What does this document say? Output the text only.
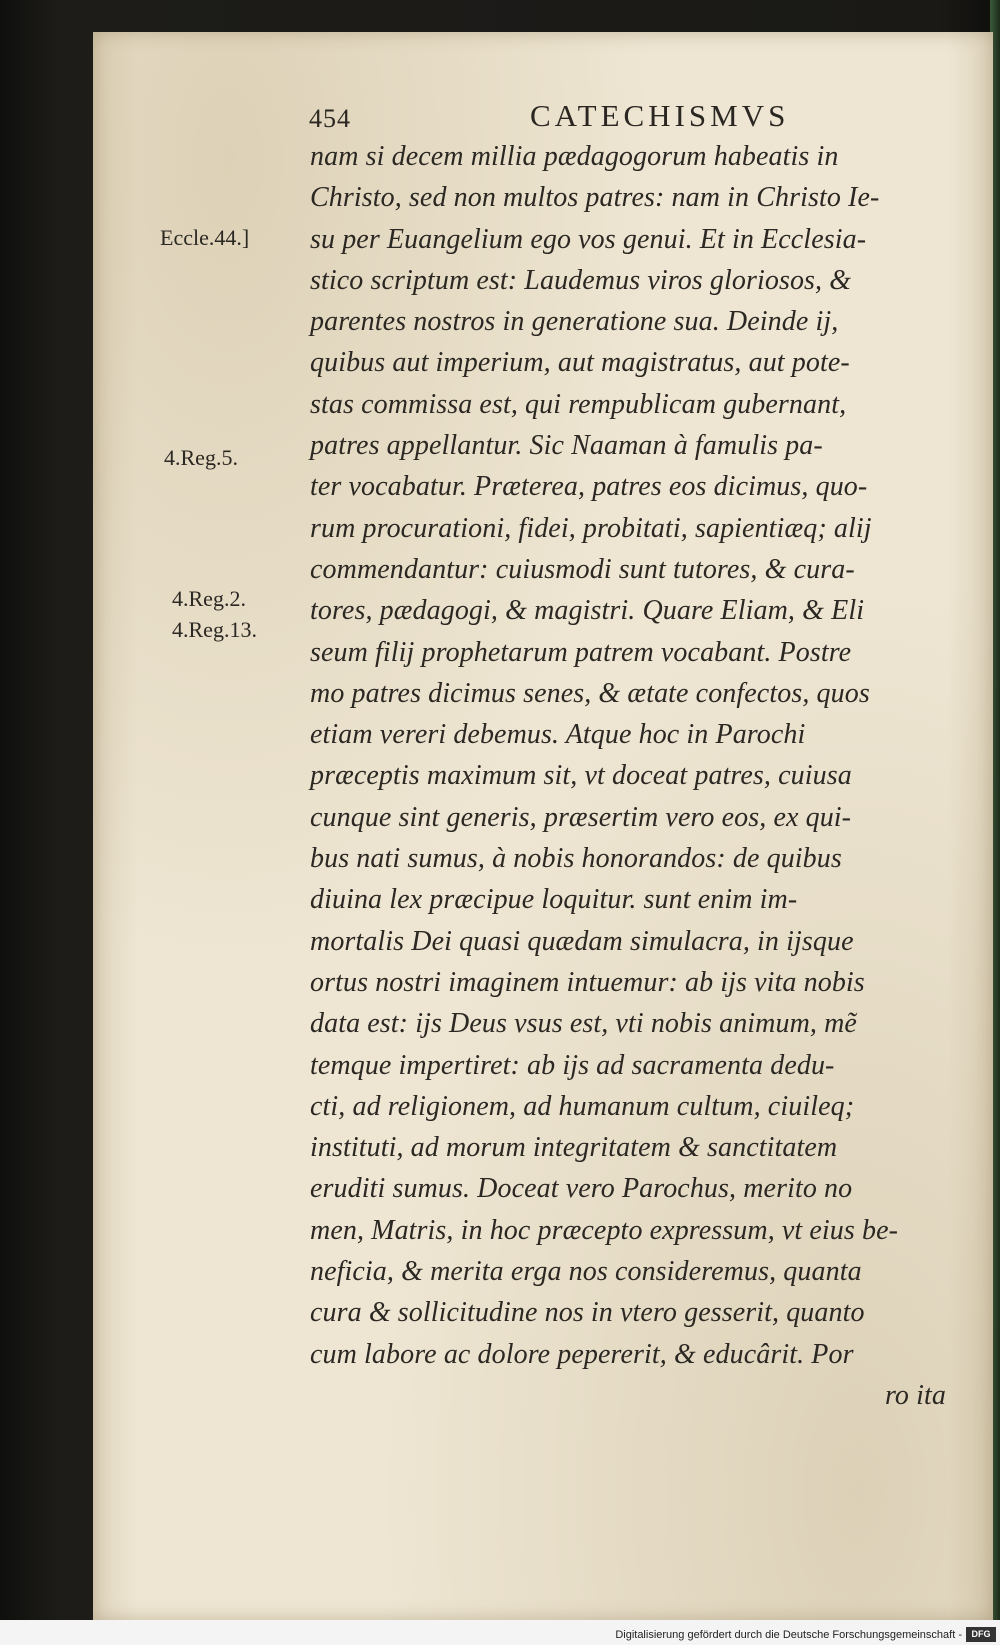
454	CATECHISMVS
Eccle.44.]
4.Reg.5.
4.Reg.2.
4.Reg.13.
nam si decem millia pædagogorum habeatis in
Christo, sed non multos patres: nam in Christo Ie-
su per Euangelium ego vos genui. Et in Ecclesia-
stico scriptum est: Laudemus viros gloriosos, &
parentes nostros in generatione sua. Deinde ij,
quibus aut imperium, aut magistratus, aut pote-
stas commissa est, qui rempublicam gubernant,
patres appellantur. Sic Naaman à famulis pa-
ter vocabatur. Præterea, patres eos dicimus, quo-
rum procurationi, fidei, probitati, sapientiæq; alij
commendantur: cuiusmodi sunt tutores, & cura-
tores, pædagogi, & magistri. Quare Eliam, & Eli
seum filij prophetarum patrem vocabant. Postre
mo patres dicimus senes, & ætate confectos, quos
etiam vereri debemus. Atque hoc in Parochi
præceptis maximum sit, vt doceat patres, cuiusa
cunque sint generis, præsertim vero eos, ex qui-
bus nati sumus, à nobis honorandos: de quibus
diuina lex præcipue loquitur. sunt enim im-
mortalis Dei quasi quædam simulacra, in ijsque
ortus nostri imaginem intuemur: ab ijs vita nobis
data est: ijs Deus vsus est, vti nobis animum, mẽ
temque impertiret: ab ijs ad sacramenta dedu-
cti, ad religionem, ad humanum cultum, ciuileq;
instituti, ad morum integritatem & sanctitatem
eruditi sumus. Doceat vero Parochus, merito no
men, Matris, in hoc præcepto expressum, vt eius be-
neficia, & merita erga nos consideremus, quanta
cura & sollicitudine nos in vtero gesserit, quanto
cum labore ac dolore pepererit, & educârit. Por
ro ita
Digitalisierung gefördert durch die Deutsche Forschungsgemeinschaft -	DFG
